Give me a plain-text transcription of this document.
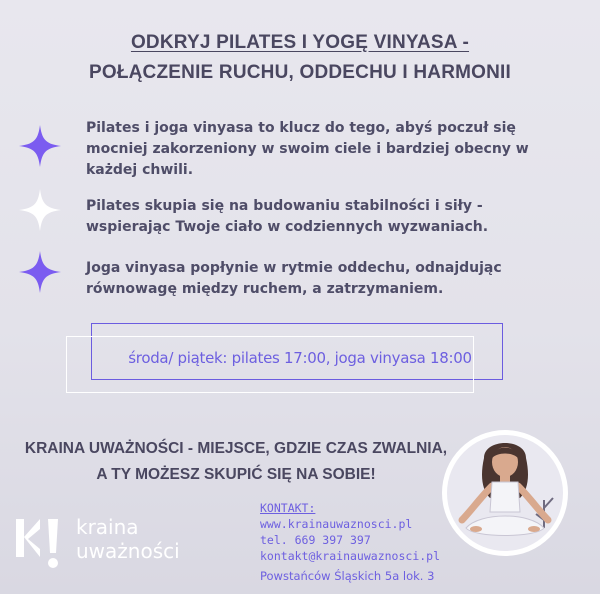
ODKRYJ PILATES I YOGĘ VINYASA -
POŁĄCZENIE RUCHU, ODDECHU I HARMONII

Pilates i joga vinyasa to klucz do tego, abyś poczuł się mocniej zakorzeniony w swoim ciele i bardziej obecny w każdej chwili.

Pilates skupia się na budowaniu stabilności i siły - wspierając Twoje ciało w codziennych wyzwaniach.

Joga vinyasa popłynie w rytmie oddechu, odnajdując równowagę między ruchem, a zatrzymaniem.

środa/ piątek: pilates 17:00, joga vinyasa 18:00

KRAINA UWAŻNOŚCI - MIEJSCE, GDZIE CZAS ZWALNIA,

A TY MOŻESZ SKUPIĆ SIĘ NA SOBIE!

kraina
uważności
KONTAKT:
www.krainauwaznosci.pl
tel. 669 397 397
kontakt@krainauwaznosci.pl
Powstańców Śląskich 5a lok. 3
